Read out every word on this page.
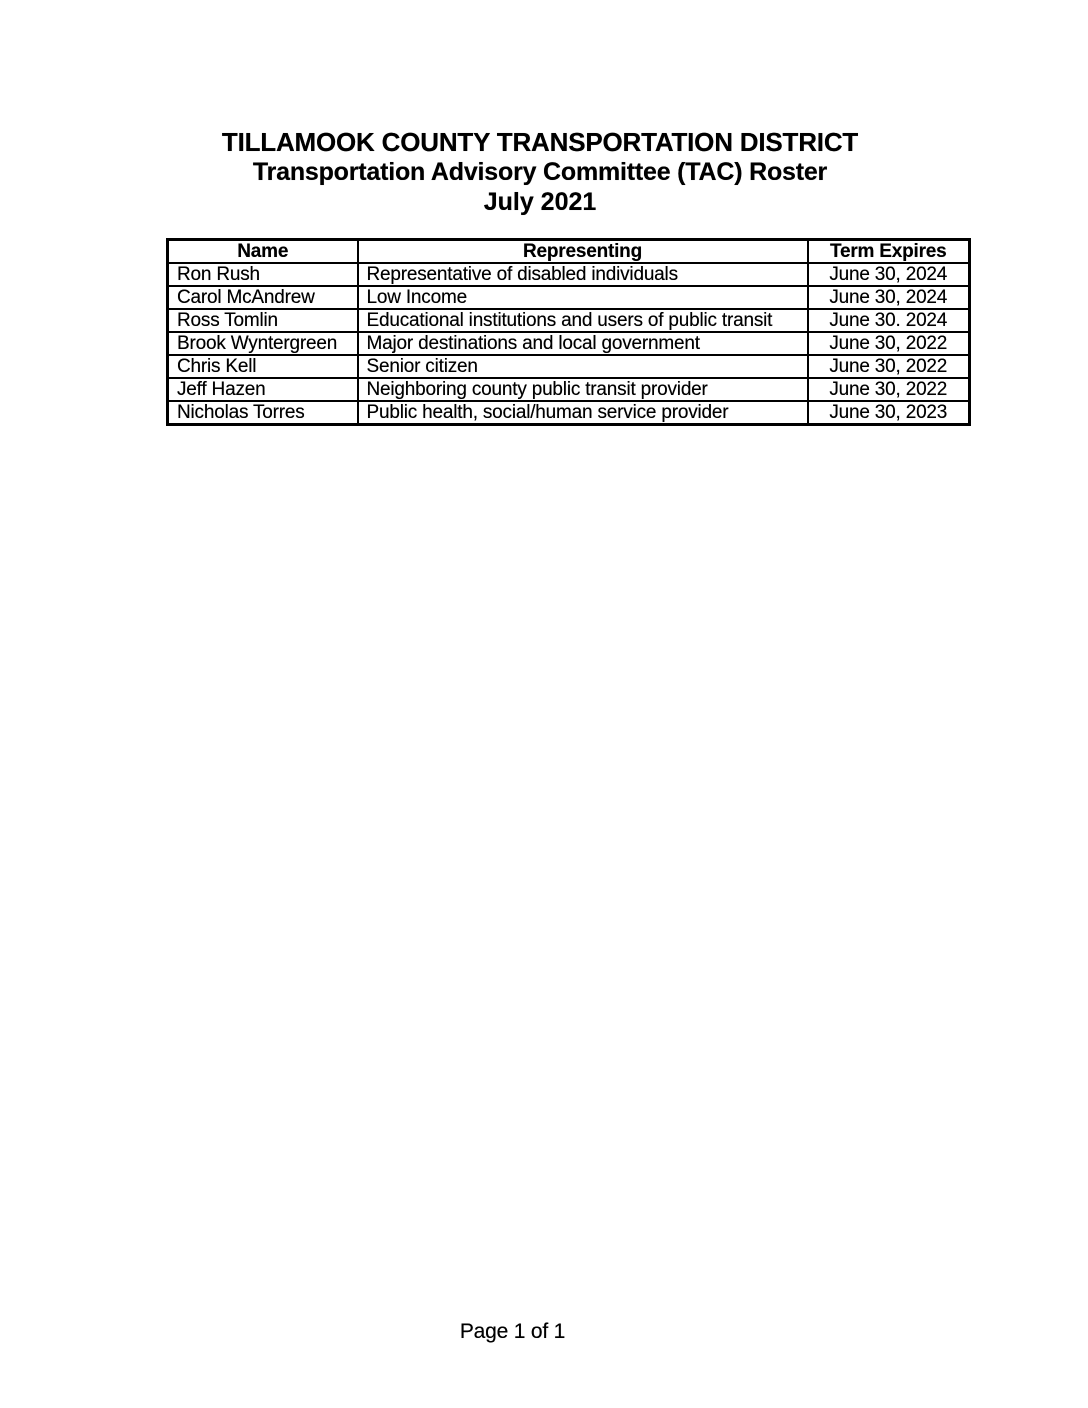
TILLAMOOK COUNTY TRANSPORTATION DISTRICT
Transportation Advisory Committee (TAC) Roster
July 2021
Name	Representing	Term Expires
Ron Rush	Representative of disabled individuals	June 30, 2024
Carol McAndrew	Low Income	June 30, 2024
Ross Tomlin	Educational institutions and users of public transit	June 30. 2024
Brook Wyntergreen	Major destinations and local government	June 30, 2022
Chris Kell	Senior citizen	June 30, 2022
Jeff Hazen	Neighboring county public transit provider	June 30, 2022
Nicholas Torres	Public health, social/human service provider	June 30, 2023
Page 1 of 1
